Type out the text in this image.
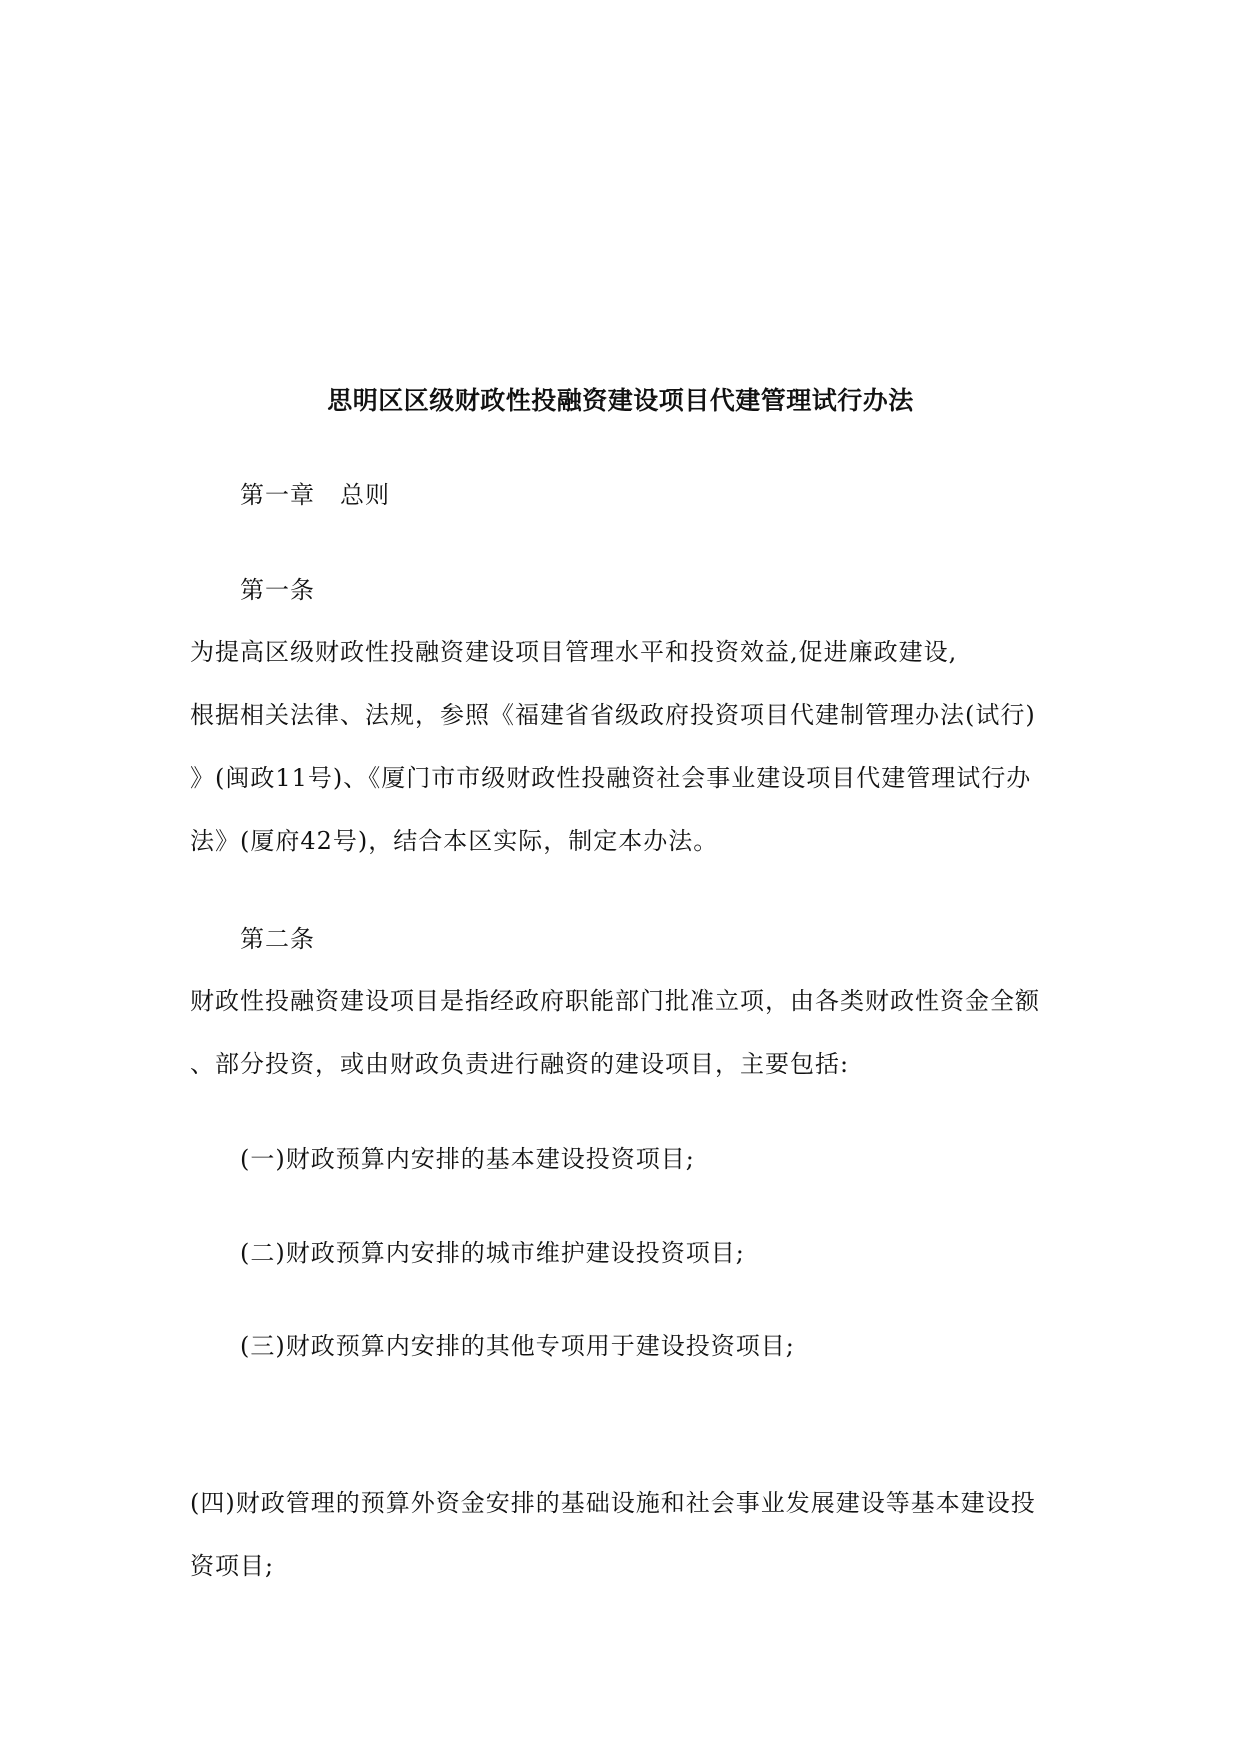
思明区区级财政性投融资建设项目代建管理试行办法
第一章　总则
第一条
为提高区级财政性投融资建设项目管理水平和投资效益,促进廉政建设,
根据相关法律、法规，参照《福建省省级政府投资项目代建制管理办法(试行)
》(闽政11号)、《厦门市市级财政性投融资社会事业建设项目代建管理试行办
法》(厦府42号)，结合本区实际，制定本办法。
第二条
财政性投融资建设项目是指经政府职能部门批准立项，由各类财政性资金全额
、部分投资，或由财政负责进行融资的建设项目，主要包括:
(一)财政预算内安排的基本建设投资项目;
(二)财政预算内安排的城市维护建设投资项目;
(三)财政预算内安排的其他专项用于建设投资项目;
(四)财政管理的预算外资金安排的基础设施和社会事业发展建设等基本建设投
资项目;
